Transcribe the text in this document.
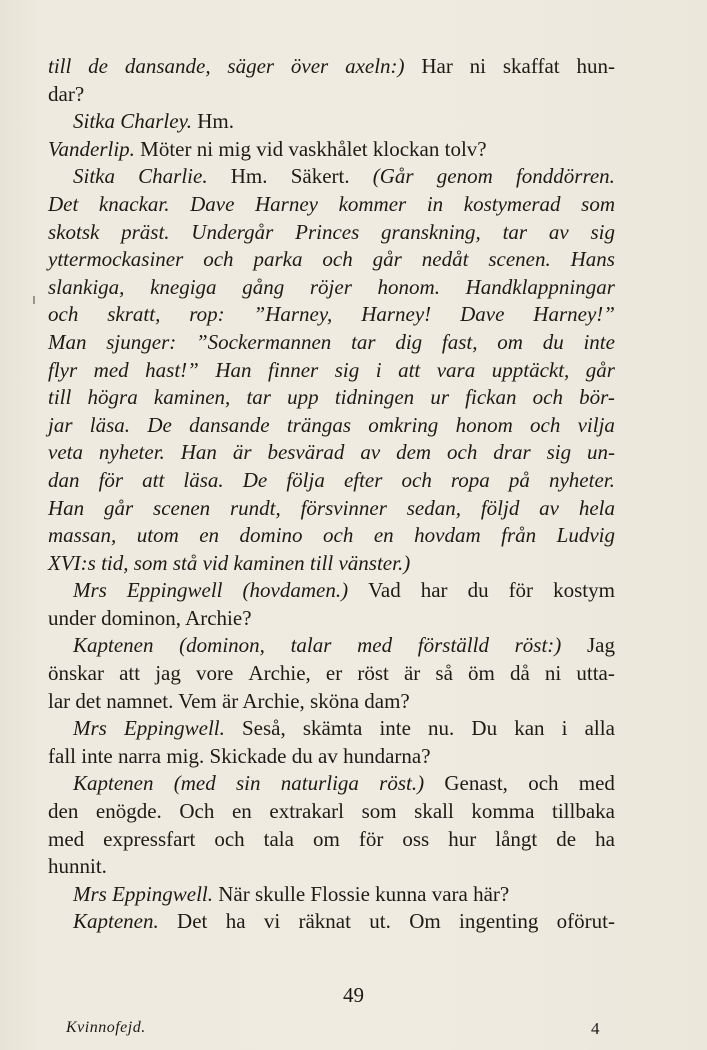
till de dansande, säger över axeln:) Har ni skaffat hun-
dar?
Sitka Charley. Hm.
Vanderlip. Möter ni mig vid vaskhålet klockan tolv?
Sitka Charlie. Hm. Säkert. (Går genom fonddörren.
Det knackar. Dave Harney kommer in kostymerad som
skotsk präst. Undergår Princes granskning, tar av sig
yttermockasiner och parka och går nedåt scenen. Hans
slankiga, knegiga gång röjer honom. Handklappningar
och skratt, rop: ”Harney, Harney! Dave Harney!”
Man sjunger: ”Sockermannen tar dig fast, om du inte
flyr med hast!” Han finner sig i att vara upptäckt, går
till högra kaminen, tar upp tidningen ur fickan och bör-
jar läsa. De dansande trängas omkring honom och vilja
veta nyheter. Han är besvärad av dem och drar sig un-
dan för att läsa. De följa efter och ropa på nyheter.
Han går scenen rundt, försvinner sedan, följd av hela
massan, utom en domino och en hovdam från Ludvig
XVI:s tid, som stå vid kaminen till vänster.)
Mrs Eppingwell (hovdamen.) Vad har du för kostym
under dominon, Archie?
Kaptenen (dominon, talar med förställd röst:) Jag
önskar att jag vore Archie, er röst är så öm då ni utta-
lar det namnet. Vem är Archie, sköna dam?
Mrs Eppingwell. Seså, skämta inte nu. Du kan i alla
fall inte narra mig. Skickade du av hundarna?
Kaptenen (med sin naturliga röst.) Genast, och med
den enögde. Och en extrakarl som skall komma tillbaka
med expressfart och tala om för oss hur långt de ha
hunnit.
Mrs Eppingwell. När skulle Flossie kunna vara här?
Kaptenen. Det ha vi räknat ut. Om ingenting oförut-
49
Kvinnofejd.	4
